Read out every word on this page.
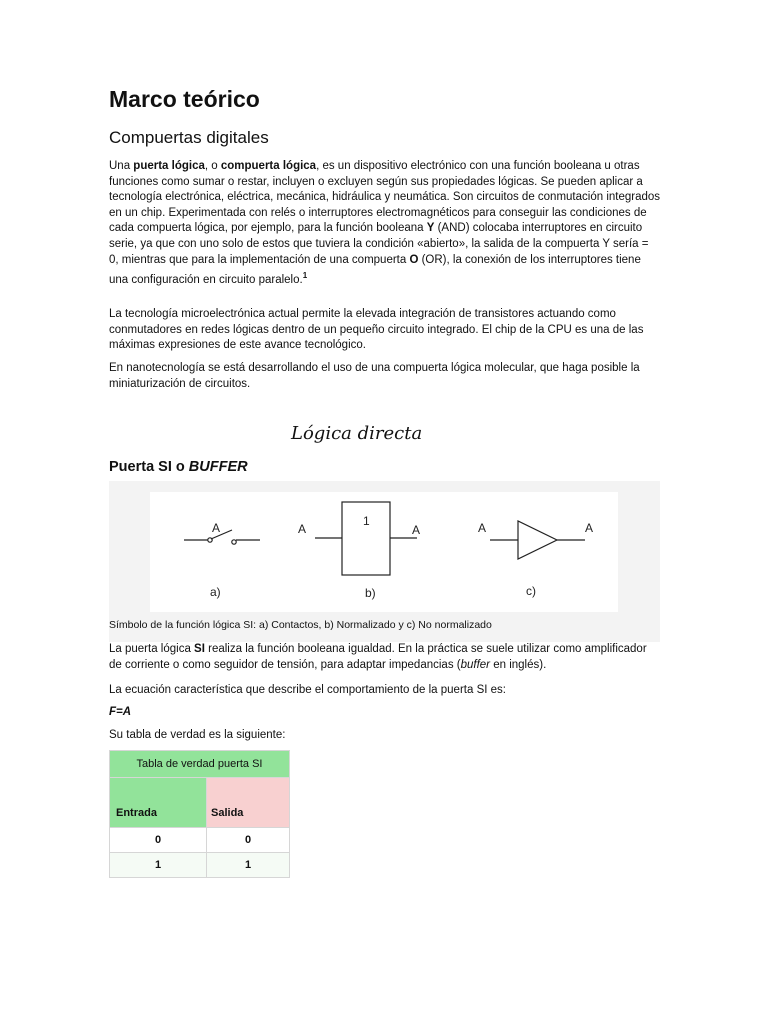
Marco teórico
Compuertas digitales

Una puerta lógica, o compuerta lógica, es un dispositivo electrónico con una función booleana u otras funciones como sumar o restar, incluyen o excluyen según sus propiedades lógicas. Se pueden aplicar a tecnología electrónica, eléctrica, mecánica, hidráulica y neumática. Son circuitos de conmutación integrados en un chip. Experimentada con relés o interruptores electromagnéticos para conseguir las condiciones de cada compuerta lógica, por ejemplo, para la función booleana Y (AND) colocaba interruptores en circuito serie, ya que con uno solo de estos que tuviera la condición «abierto», la salida de la compuerta Y sería = 0, mientras que para la implementación de una compuerta O (OR), la conexión de los interruptores tiene una configuración en circuito paralelo.$^1$

La tecnología microelectrónica actual permite la elevada integración de transistores actuando como conmutadores en redes lógicas dentro de un pequeño circuito integrado. El chip de la CPU es una de las máximas expresiones de este avance tecnológico.

En nanotecnología se está desarrollando el uso de una compuerta lógica molecular, que haga posible la miniaturización de circuitos.

Lógica directa
Puerta SI o BUFFER
A
a)
A	A
1
b)
A	A
c)

Símbolo de la función lógica SI: a) Contactos, b) Normalizado y c) No normalizado

La puerta lógica SI realiza la función booleana igualdad. En la práctica se suele utilizar como amplificador de corriente o como seguidor de tensión, para adaptar impedancias (buffer en inglés).

La ecuación característica que describe el comportamiento de la puerta SI es:

F=A

Su tabla de verdad es la siguiente:

Tabla de verdad puerta SI	
Entrada	Salida
0	0
1	1
